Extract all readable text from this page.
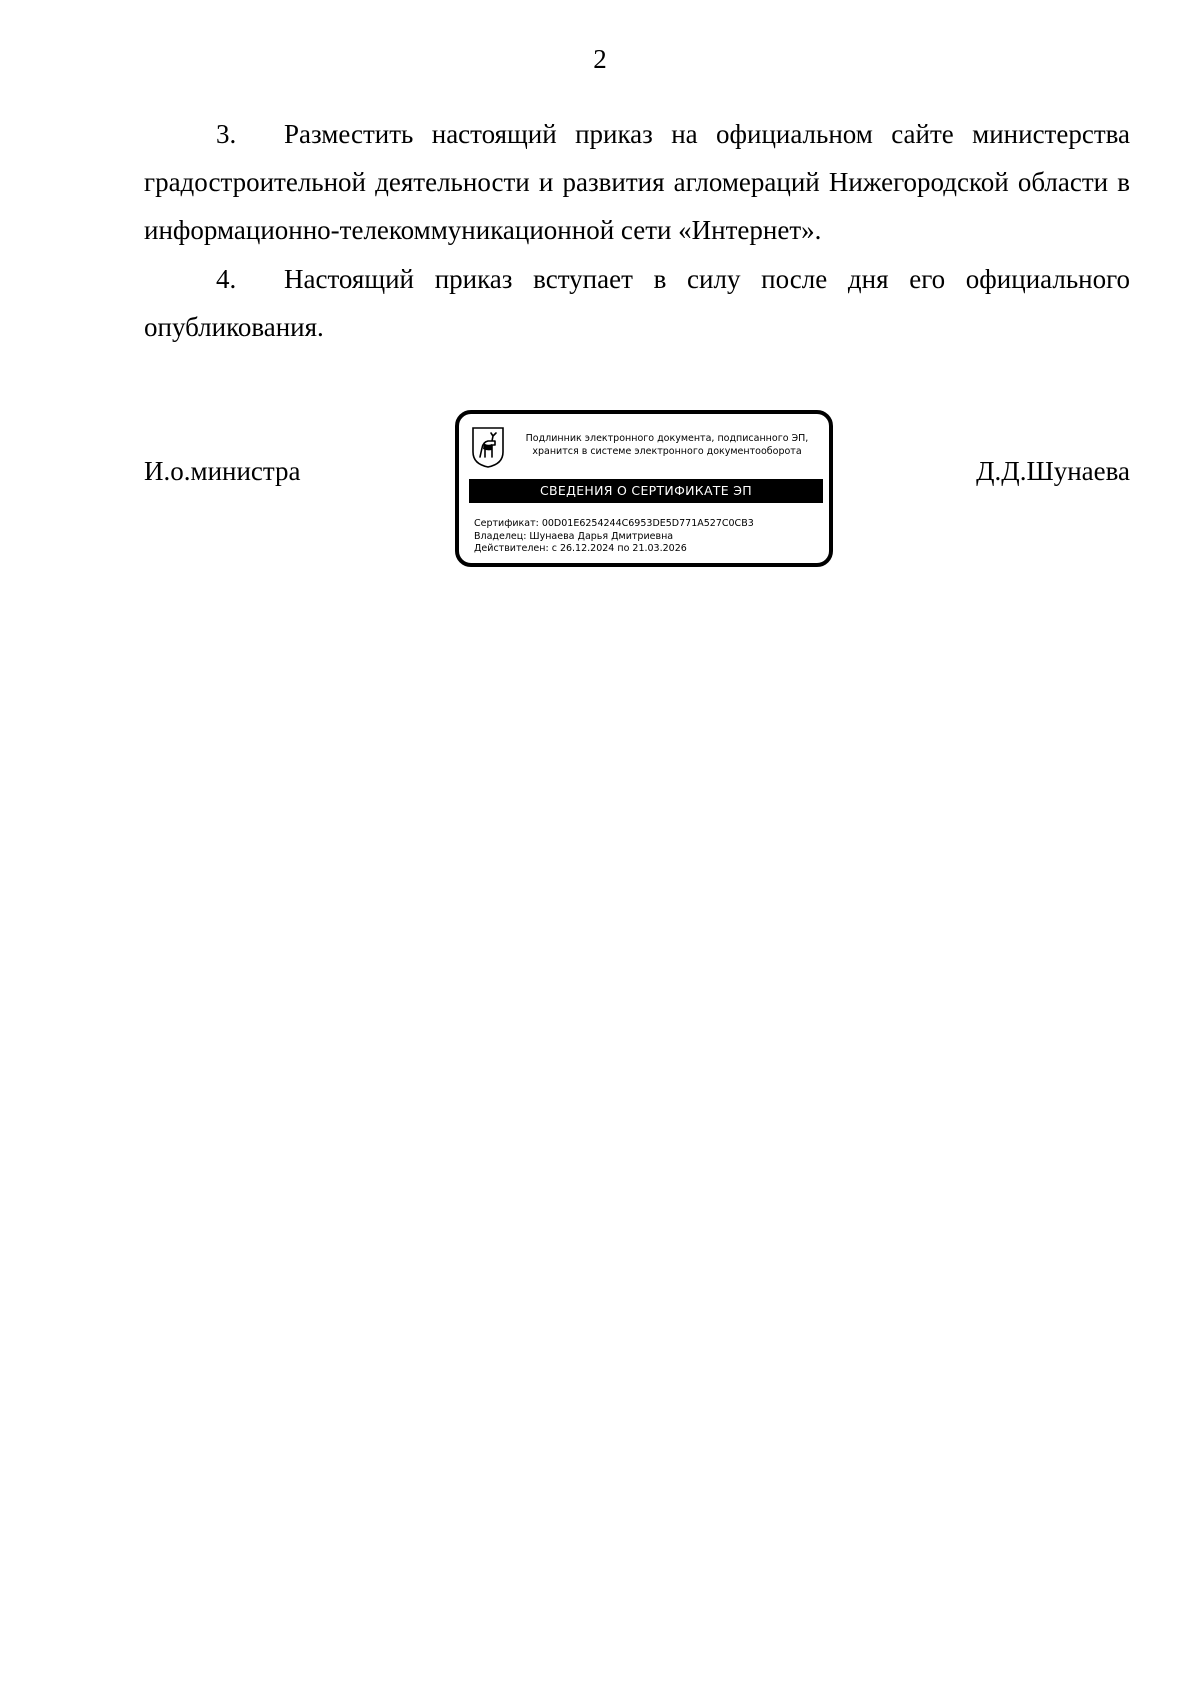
2
3. Разместить настоящий приказ на официальном сайте министерства градостроительной деятельности и развития агломераций Нижегородской области в информационно-телекоммуникационной сети «Интернет».
4. Настоящий приказ вступает в силу после дня его официального опубликования.
И.о.министра
Подлинник электронного документа, подписанного ЭП,
хранится в системе электронного документооборота
СВЕДЕНИЯ О СЕРТИФИКАТЕ ЭП
Сертификат: 00D01E6254244C6953DE5D771A527C0CB3
Владелец: Шунаева Дарья Дмитриевна
Действителен: с 26.12.2024 по 21.03.2026
Д.Д.Шунаева
